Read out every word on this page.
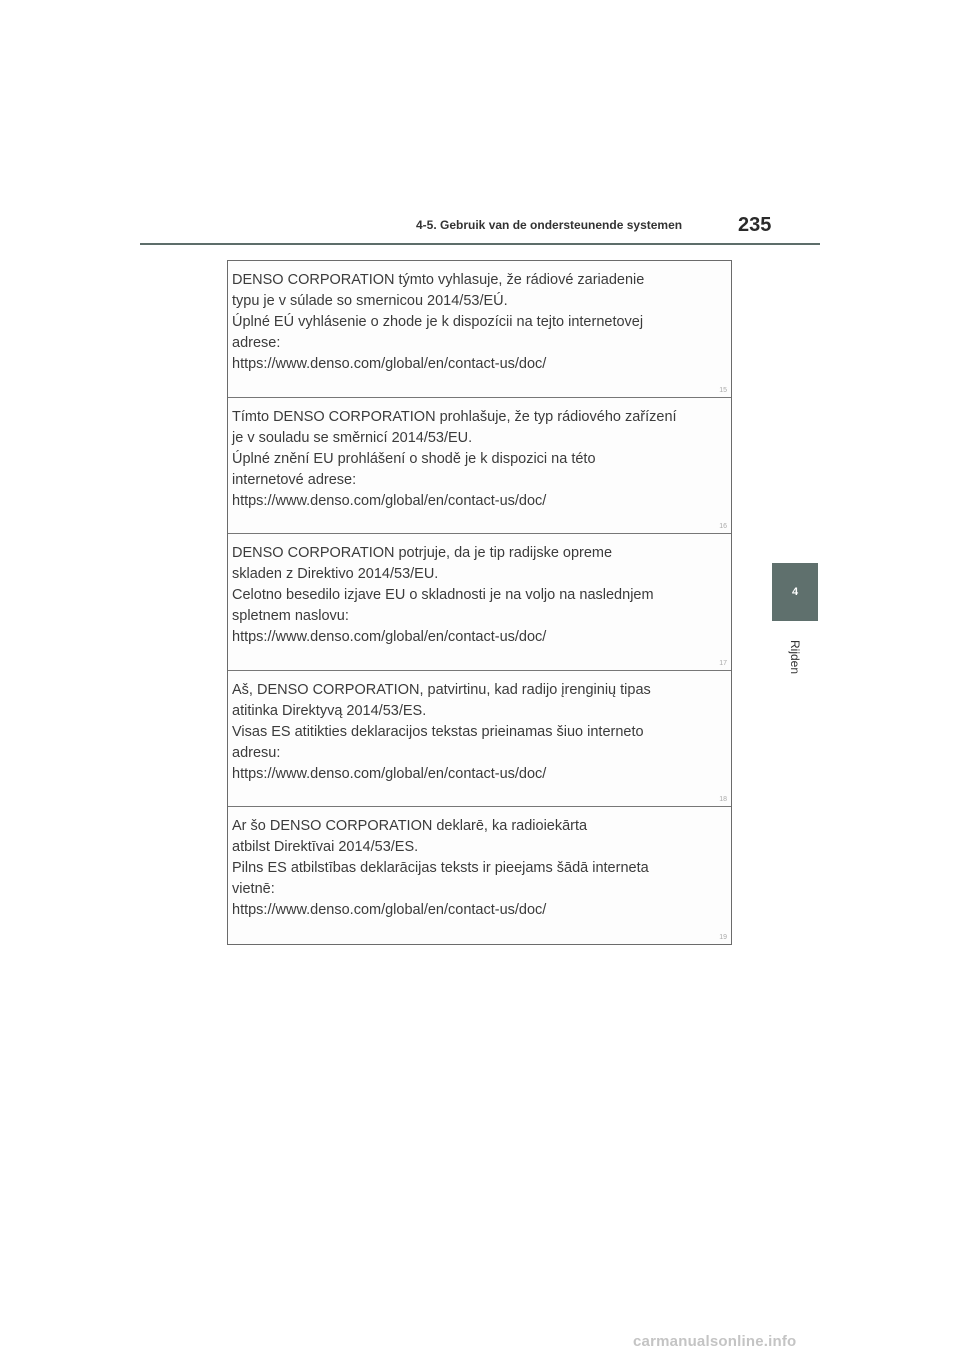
4-5. Gebruik van de ondersteunende systemen	235
4
Rijden
DENSO CORPORATION týmto vyhlasuje, že rádiové zariadenie
typu je v súlade so smernicou 2014/53/EÚ.
Úplné EÚ vyhlásenie o zhode je k dispozícii na tejto internetovej
adrese:
https://www.denso.com/global/en/contact-us/doc/
15
Tímto DENSO CORPORATION prohlašuje, že typ rádiového zařízení
je v souladu se směrnicí 2014/53/EU.
Úplné znění EU prohlášení o shodě je k dispozici na této
internetové adrese:
https://www.denso.com/global/en/contact-us/doc/
16
DENSO CORPORATION potrjuje, da je tip radijske opreme
skladen z Direktivo 2014/53/EU.
Celotno besedilo izjave EU o skladnosti je na voljo na naslednjem
spletnem naslovu:
https://www.denso.com/global/en/contact-us/doc/
17
Aš, DENSO CORPORATION, patvirtinu, kad radijo įrenginių tipas
atitinka Direktyvą 2014/53/ES.
Visas ES atitikties deklaracijos tekstas prieinamas šiuo interneto
adresu:
https://www.denso.com/global/en/contact-us/doc/
18
Ar šo DENSO CORPORATION deklarē, ka radioiekārta
atbilst Direktīvai 2014/53/ES.
Pilns ES atbilstības deklarācijas teksts ir pieejams šādā interneta
vietnē:
https://www.denso.com/global/en/contact-us/doc/
19
carmanualsonline.info
